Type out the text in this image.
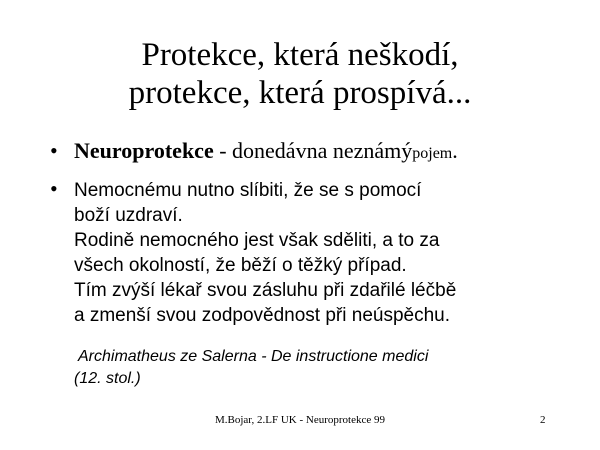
Protekce, která neškodí,
protekce, která prospívá...
• Neuroprotekce - donedávna neznámýpojem.
• Nemocnému nutno slíbiti, že se s pomocí
boží uzdraví.
Rodině nemocného jest však sděliti, a to za
všech okolností, že běží o těžký případ.
Tím zvýší lékař svou zásluhu při zdařilé léčbě
a zmenší svou zodpovědnost při neúspěchu.
Archimatheus ze Salerna - De instructione medici
(12. stol.)
M.Bojar, 2.LF UK - Neuroprotekce 99	2
